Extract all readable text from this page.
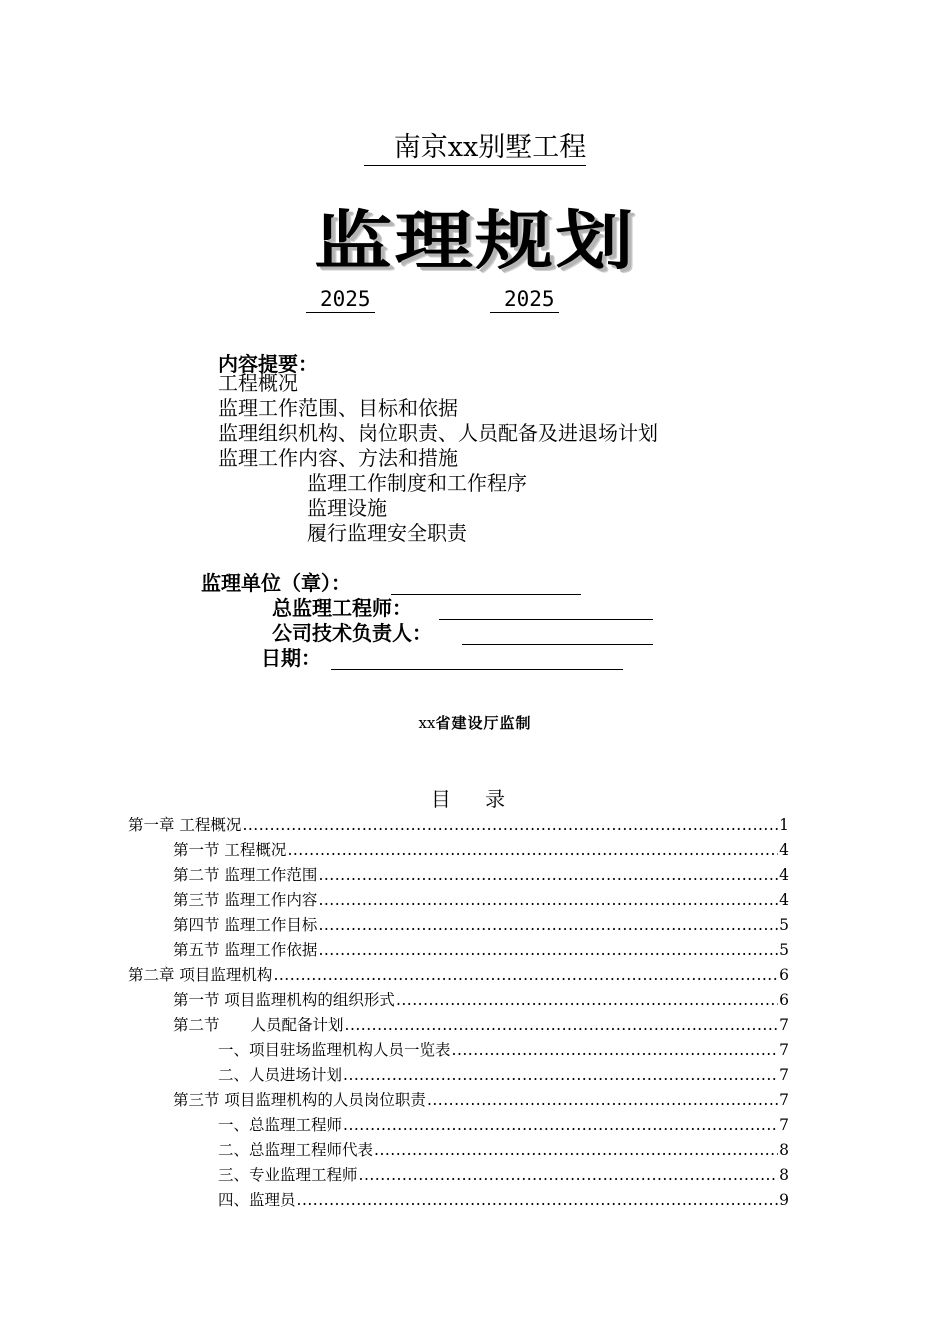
南京xx别墅工程
监理规划
2025	2025
内容提要：
工程概况
监理工作范围、目标和依据
监理组织机构、岗位职责、人员配备及进退场计划
监理工作内容、方法和措施
监理工作制度和工作程序
监理设施
履行监理安全职责
监理单位（章）：
总监理工程师：
公司技术负责人：
日期：
xx省建设厅监制
目 录
第一章 工程概况 .....	1
第一节 工程概况 .....	4
第二节 监理工作范围 .....	4
第三节 监理工作内容 .....	4
第四节 监理工作目标 .....	5
第五节 监理工作依据 .....	5
第二章 项目监理机构 .....	6
第一节 项目监理机构的组织形式 .....	6
第二节　　人员配备计划 .....	7
一、项目驻场监理机构人员一览表 .....	7
二、人员进场计划 .....	7
第三节 项目监理机构的人员岗位职责 .....	7
一、总监理工程师 .....	7
二、总监理工程师代表 .....	8
三、专业监理工程师 .....	8
四、监理员 .....	9
